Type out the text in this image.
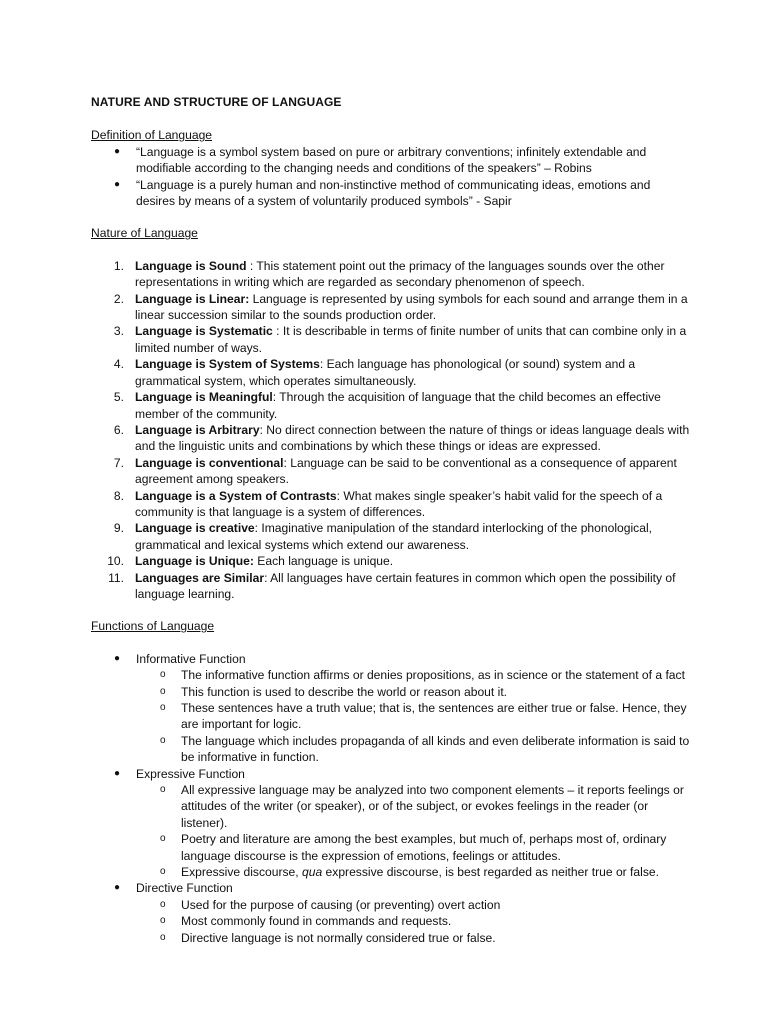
NATURE AND STRUCTURE OF LANGUAGE

Definition of Language

● “Language is a symbol system based on pure or arbitrary conventions; infinitely extendable and modifiable according to the changing needs and conditions of the speakers” – Robins
● “Language is a purely human and non-instinctive method of communicating ideas, emotions and desires by means of a system of voluntarily produced symbols” - Sapir

Nature of Language

1. Language is Sound : This statement point out the primacy of the languages sounds over the other representations in writing which are regarded as secondary phenomenon of speech.
2. Language is Linear: Language is represented by using symbols for each sound and arrange them in a linear succession similar to the sounds production order.
3. Language is Systematic : It is describable in terms of finite number of units that can combine only in a limited number of ways.
4. Language is System of Systems: Each language has phonological (or sound) system and a grammatical system, which operates simultaneously.
5. Language is Meaningful: Through the acquisition of language that the child becomes an effective member of the community.
6. Language is Arbitrary: No direct connection between the nature of things or ideas language deals with and the linguistic units and combinations by which these things or ideas are expressed.
7. Language is conventional: Language can be said to be conventional as a consequence of apparent agreement among speakers.
8. Language is a System of Contrasts: What makes single speaker’s habit valid for the speech of a community is that language is a system of differences.
9. Language is creative: Imaginative manipulation of the standard interlocking of the phonological, grammatical and lexical systems which extend our awareness.
10. Language is Unique: Each language is unique.
11. Languages are Similar: All languages have certain features in common which open the possibility of language learning.

Functions of Language

● Informative Function
o The informative function affirms or denies propositions, as in science or the statement of a fact
o This function is used to describe the world or reason about it.
o These sentences have a truth value; that is, the sentences are either true or false. Hence, they are important for logic.
o The language which includes propaganda of all kinds and even deliberate information is said to be informative in function.
● Expressive Function
o All expressive language may be analyzed into two component elements – it reports feelings or attitudes of the writer (or speaker), or of the subject, or evokes feelings in the reader (or listener).
o Poetry and literature are among the best examples, but much of, perhaps most of, ordinary language discourse is the expression of emotions, feelings or attitudes.
o Expressive discourse, qua expressive discourse, is best regarded as neither true or false.
● Directive Function
o Used for the purpose of causing (or preventing) overt action
o Most commonly found in commands and requests.
o Directive language is not normally considered true or false.
